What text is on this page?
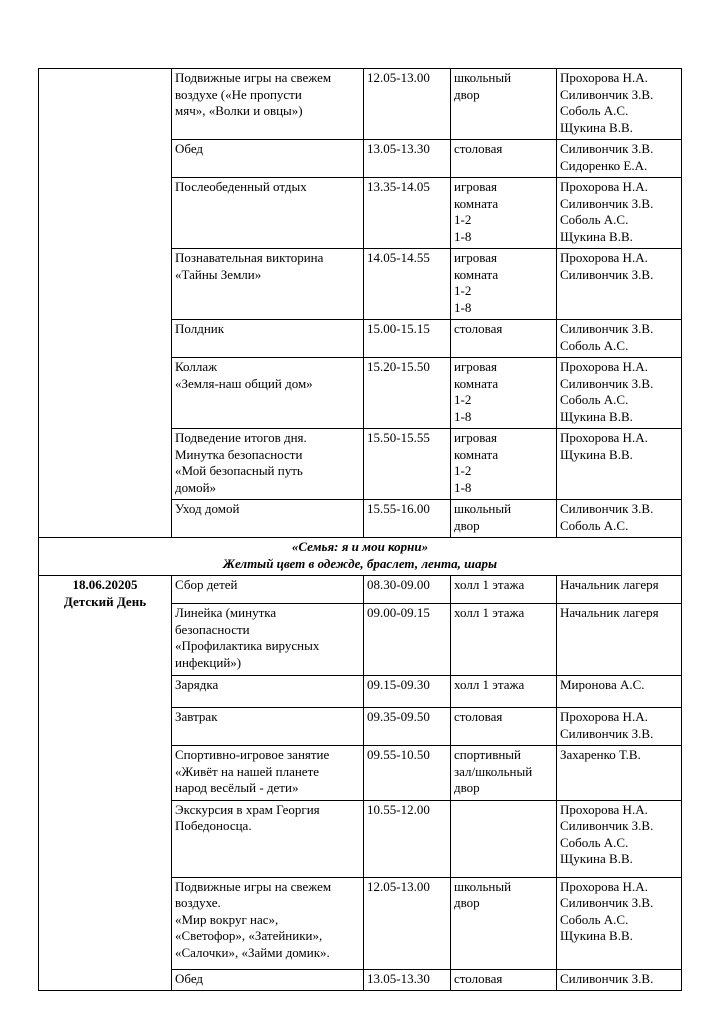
	Подвижные игры на свежем
воздухе («Не пропусти
мяч», «Волки и овцы»)	12.05-13.00	школьный
двор	Прохорова Н.А.
Силивончик З.В.
Соболь А.С.
Щукина В.В.

	Обед	13.05-13.30	столовая	Силивончик З.В.
Сидоренко Е.А.

	Послеобеденный отдых	13.35-14.05	игровая
комната
1-2
1-8	Прохорова Н.А.
Силивончик З.В.
Соболь А.С.
Щукина В.В.

	Познавательная викторина
«Тайны Земли»	14.05-14.55	игровая
комната
1-2
1-8	Прохорова Н.А.
Силивончик З.В.

	Полдник	15.00-15.15	столовая	Силивончик З.В.
Соболь А.С.

	Коллаж
«Земля-наш общий дом»	15.20-15.50	игровая
комната
1-2
1-8	Прохорова Н.А.
Силивончик З.В.
Соболь А.С.
Щукина В.В.

	Подведение итогов дня.
Минутка безопасности
«Мой безопасный путь
домой»	15.50-15.55	игровая
комната
1-2
1-8	Прохорова Н.А.
Щукина В.В.

	Уход домой	15.55-16.00	школьный
двор	Силивончик З.В.
Соболь А.С.

«Семья: я и мои корни»
Желтый цвет в одежде, браслет, лента, шары				

18.06.20205
Детский День	Сбор детей	08.30-09.00	холл 1 этажа	Начальник лагеря

	Линейка (минутка
безопасности
«Профилактика вирусных
инфекций»)	09.00-09.15	холл 1 этажа	Начальник лагеря

	Зарядка	09.15-09.30	холл 1 этажа	Миронова А.С.

	Завтрак	09.35-09.50	столовая	Прохорова Н.А.
Силивончик З.В.

	Спортивно-игровое занятие
«Живёт на нашей планете
народ весёлый - дети»	09.55-10.50	спортивный
зал/школьный
двор	Захаренко Т.В.

	Экскурсия в храм Георгия
Победоносца.	10.55-12.00		Прохорова Н.А.
Силивончик З.В.
Соболь А.С.
Щукина В.В.

	Подвижные игры на свежем
воздухе.
«Мир вокруг нас»,
«Светофор», «Затейники»,
«Салочки», «Займи домик».	12.05-13.00	школьный
двор	Прохорова Н.А.
Силивончик З.В.
Соболь А.С.
Щукина В.В.

	Обед	13.05-13.30	столовая	Силивончик З.В.
